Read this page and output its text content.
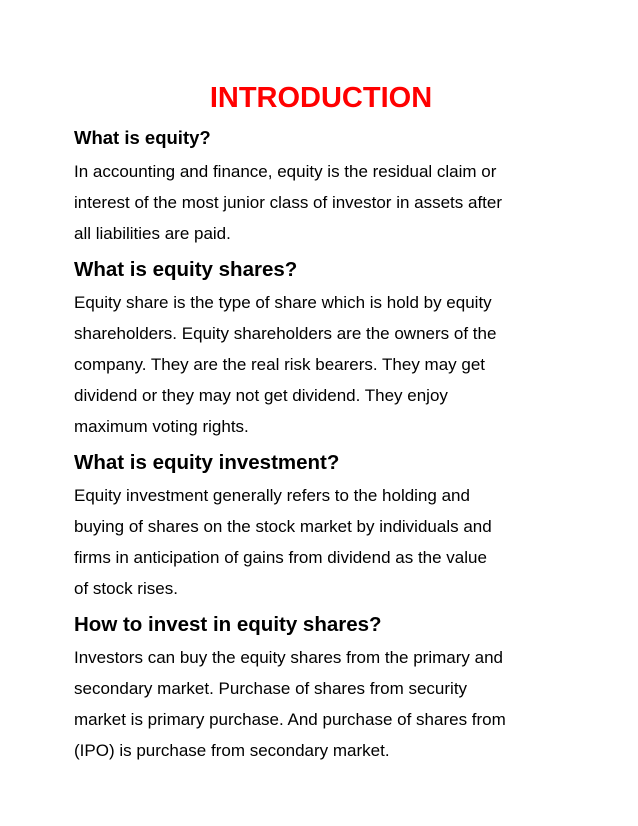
INTRODUCTION
What is equity?
In accounting and finance, equity is the residual claim or
interest of the most junior class of investor in assets after
all liabilities are paid.
What is equity shares?
Equity share is the type of share which is hold by equity
shareholders. Equity shareholders are the owners of the
company. They are the real risk bearers. They may get
dividend or they may not get dividend. They enjoy
maximum voting rights.
What is equity investment?
Equity investment generally refers to the holding and
buying of shares on the stock market by individuals and
firms in anticipation of gains from dividend as the value
of stock rises.
How to invest in equity shares?
Investors can buy the equity shares from the primary and
secondary market. Purchase of shares from security
market is primary purchase. And purchase of shares from
(IPO) is purchase from secondary market.
